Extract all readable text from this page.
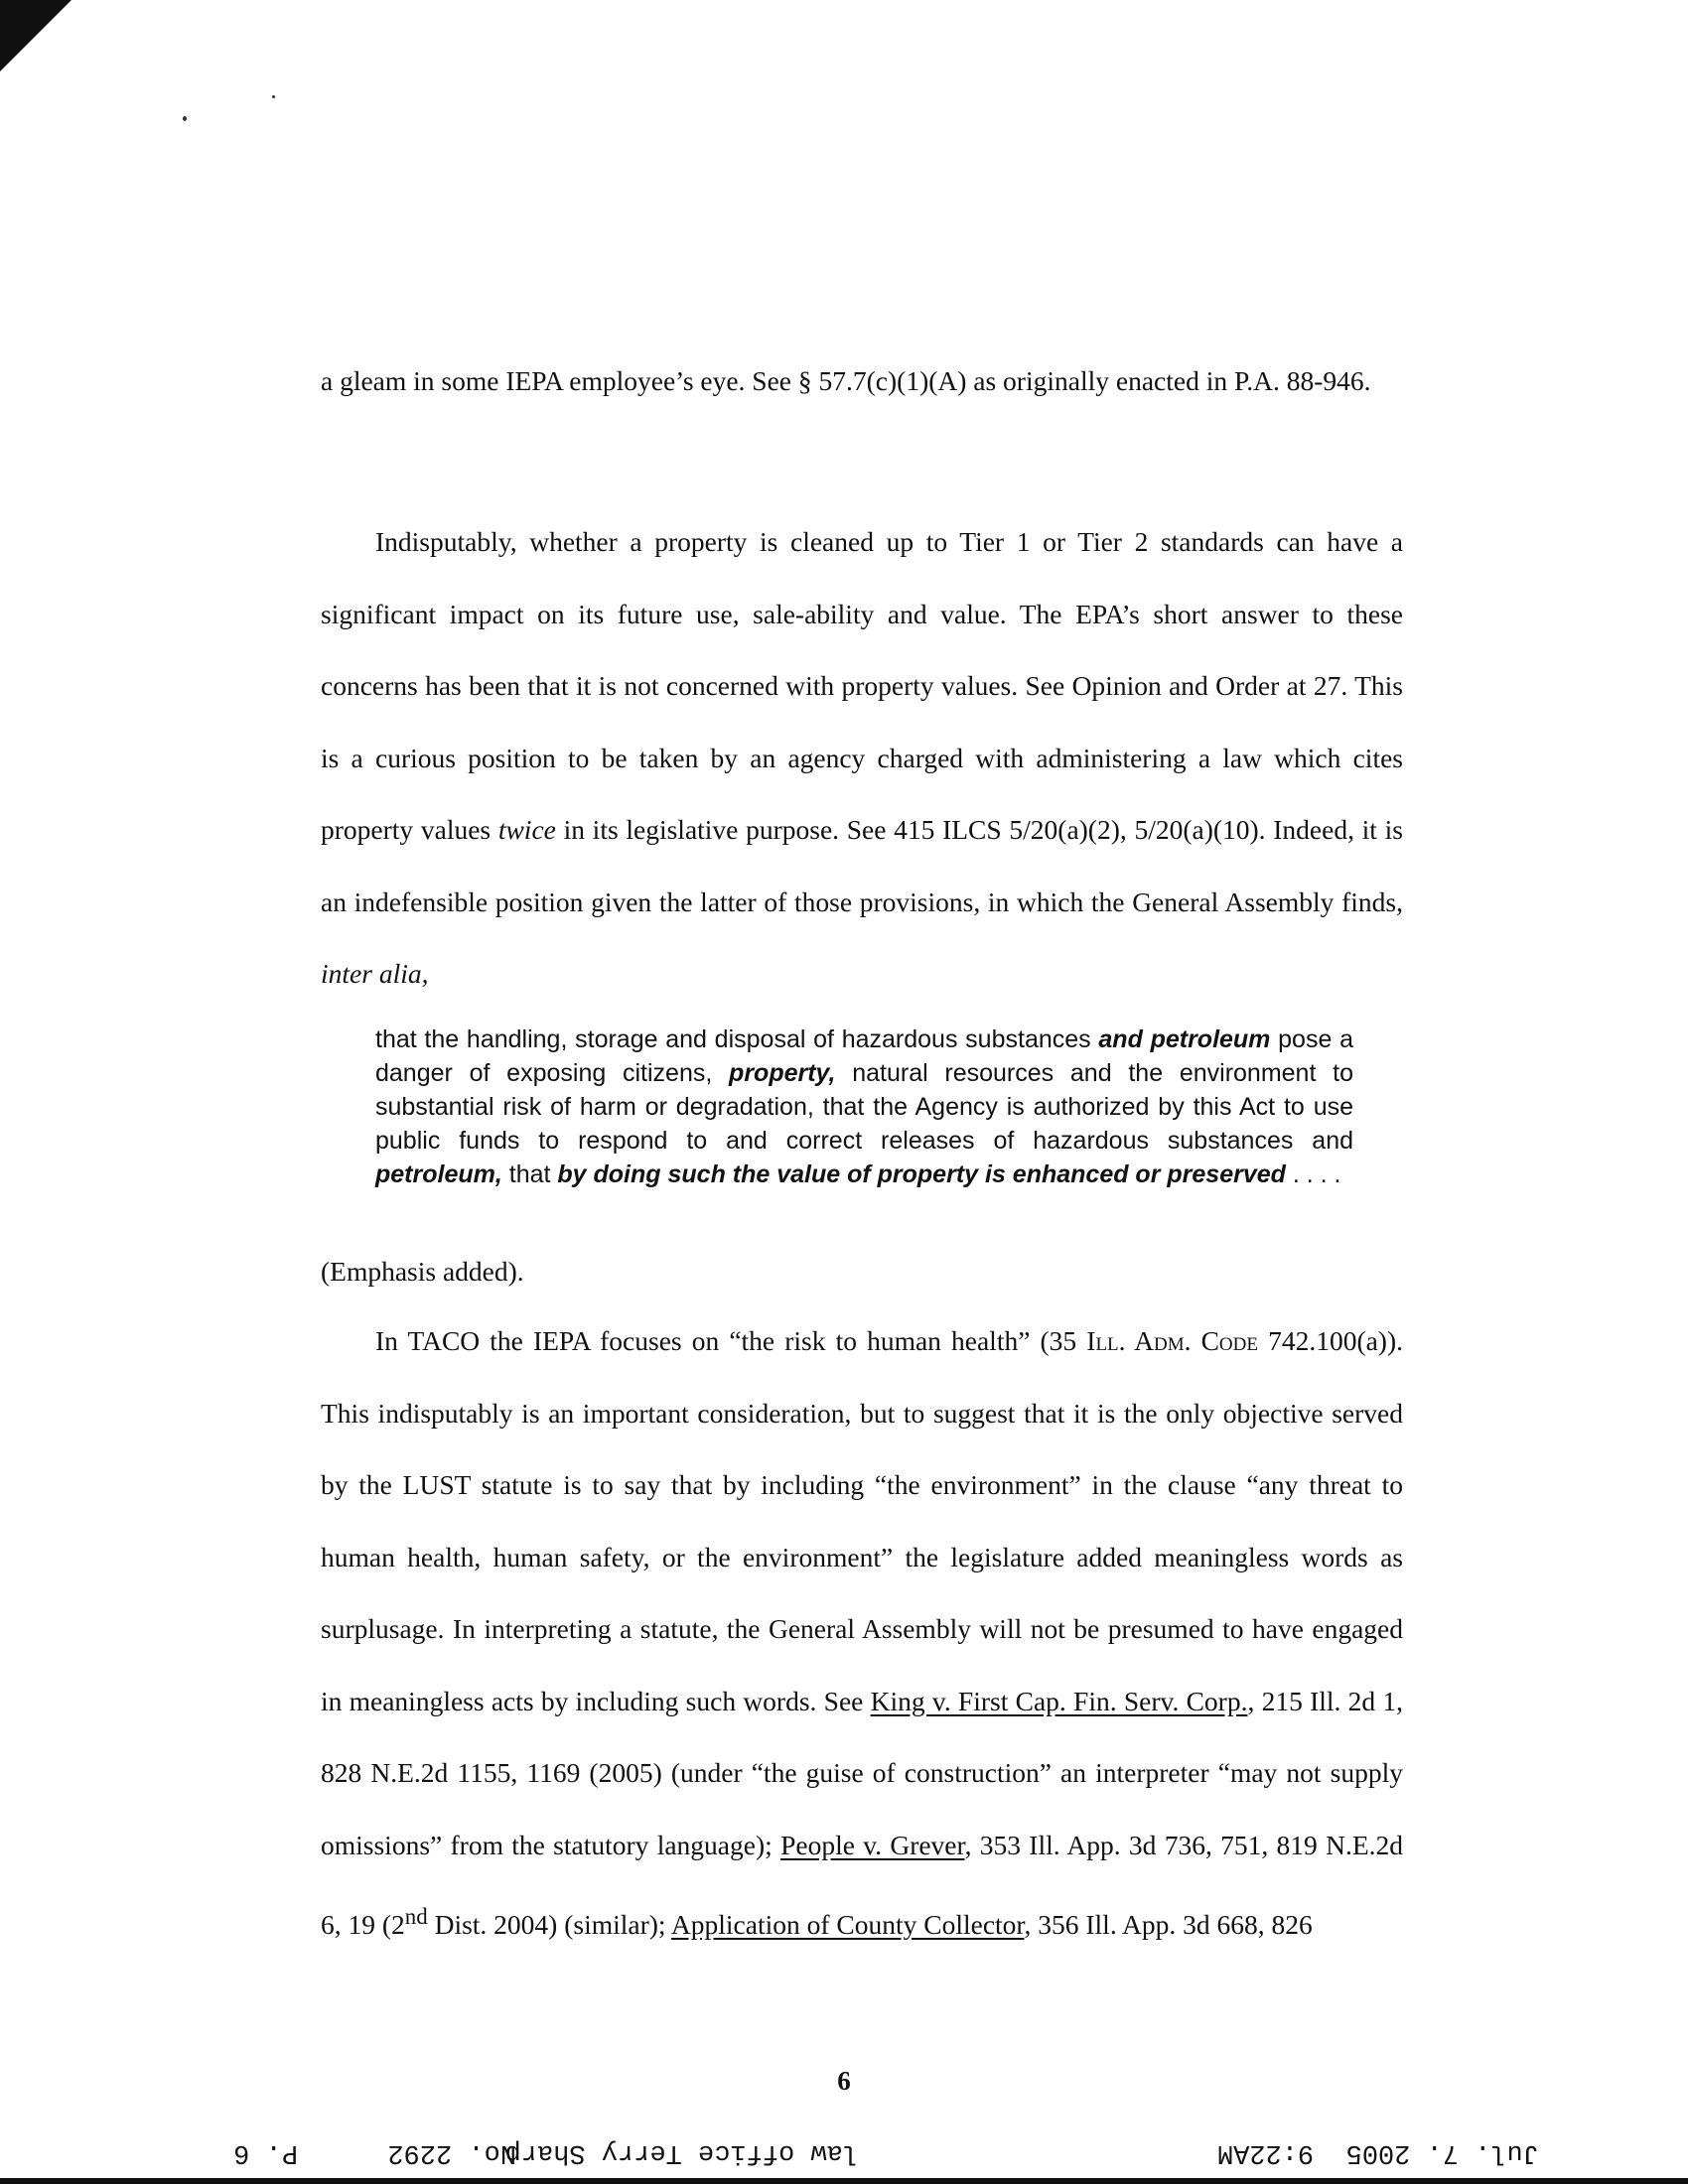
a gleam in some IEPA employee’s eye. See § 57.7(c)(1)(A) as originally enacted in P.A. 88-946.

Indisputably, whether a property is cleaned up to Tier 1 or Tier 2 standards can have a significant impact on its future use, sale-ability and value. The EPA’s short answer to these concerns has been that it is not concerned with property values. See Opinion and Order at 27. This is a curious position to be taken by an agency charged with administering a law which cites property values twice in its legislative purpose. See 415 ILCS 5/20(a)(2), 5/20(a)(10). Indeed, it is an indefensible position given the latter of those provisions, in which the General Assembly finds, inter alia,

that the handling, storage and disposal of hazardous substances and petroleum pose a danger of exposing citizens, property, natural resources and the environment to substantial risk of harm or degradation, that the Agency is authorized by this Act to use public funds to respond to and correct releases of hazardous substances and petroleum, that by doing such the value of property is enhanced or preserved . . . .

(Emphasis added).

In TACO the IEPA focuses on “the risk to human health” (35 Ill. Adm. Code 742.100(a)). This indisputably is an important consideration, but to suggest that it is the only objective served by the LUST statute is to say that by including “the environment” in the clause “any threat to human health, human safety, or the environment” the legislature added meaningless words as surplusage. In interpreting a statute, the General Assembly will not be presumed to have engaged in meaningless acts by including such words. See King v. First Cap. Fin. Serv. Corp., 215 Ill. 2d 1, 828 N.E.2d 1155, 1169 (2005) (under “the guise of construction” an interpreter “may not supply omissions” from the statutory language); People v. Grever, 353 Ill. App. 3d 736, 751, 819 N.E.2d 6, 19 (2nd Dist. 2004) (similar); Application of County Collector, 356 Ill. App. 3d 668, 826

6

Jul. 7. 2005  9:22AM

law office Terry Sharp

No. 2292

P. 6
